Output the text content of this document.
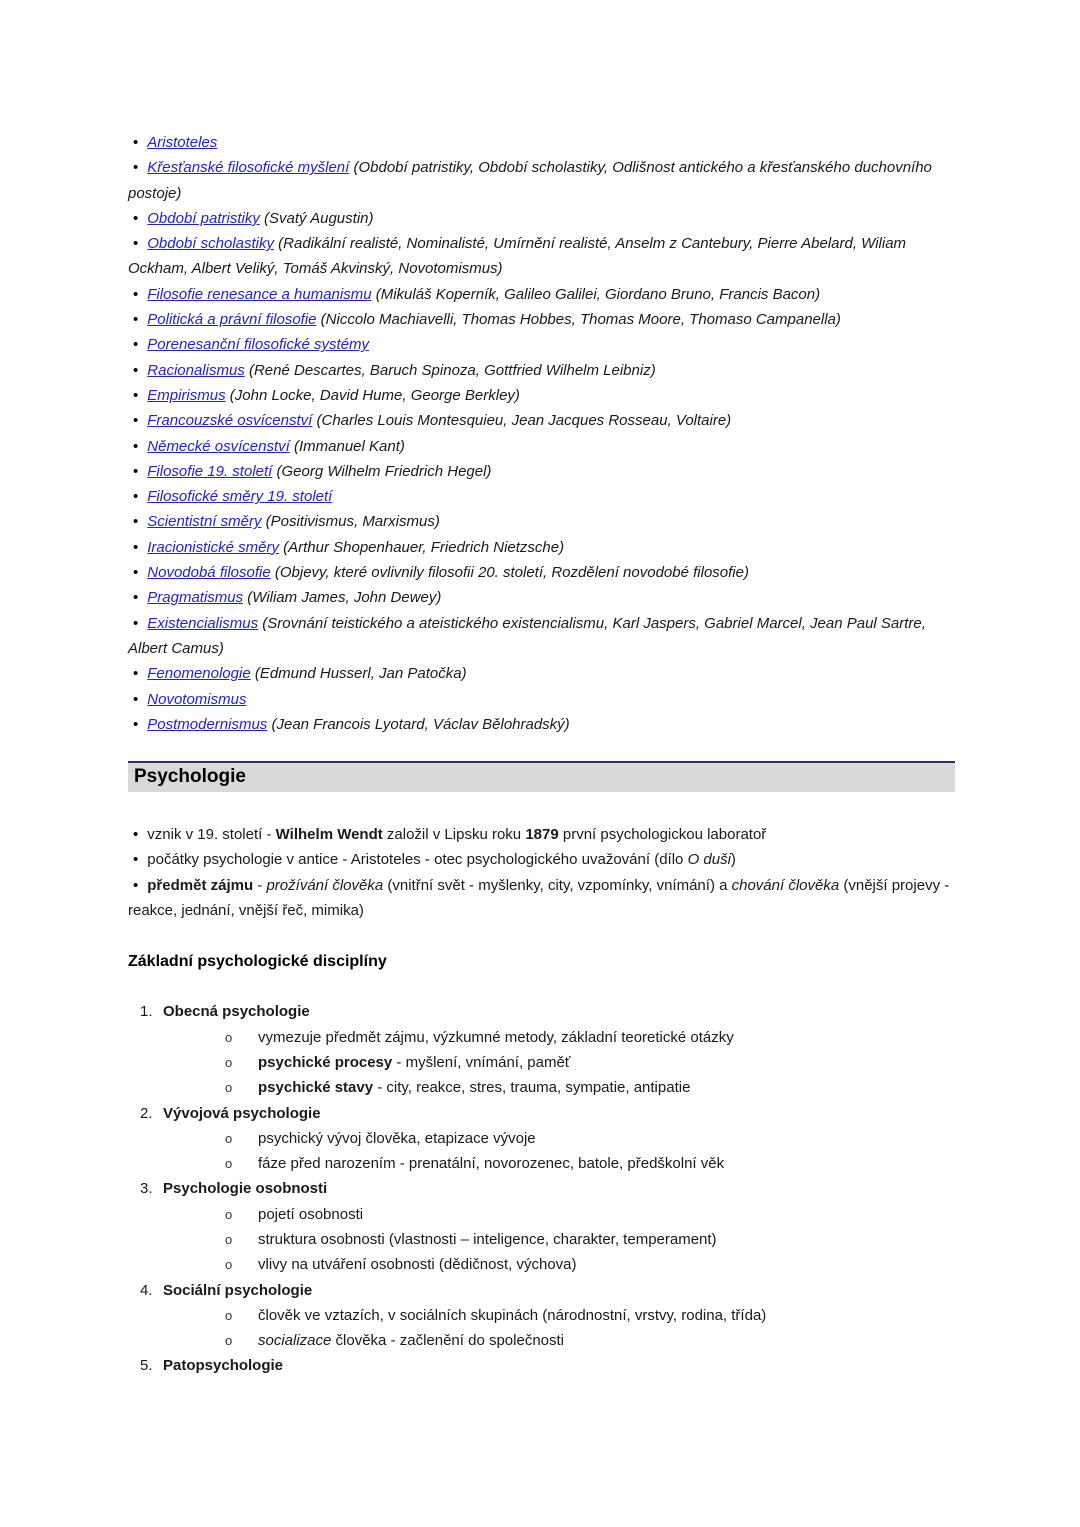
• Aristoteles

• Křesťanské filosofické myšlení (Období patristiky, Období scholastiky, Odlišnost antického a křesťanského duchovního postoje)

• Období patristiky (Svatý Augustin)

• Období scholastiky (Radikální realisté, Nominalisté, Umírnění realisté, Anselm z Cantebury, Pierre Abelard, Wiliam Ockham, Albert Veliký, Tomáš Akvinský, Novotomismus)

• Filosofie renesance a humanismu (Mikuláš Koperník, Galileo Galilei, Giordano Bruno, Francis Bacon)

• Politická a právní filosofie (Niccolo Machiavelli, Thomas Hobbes, Thomas Moore, Thomaso Campanella)

• Porenesanční filosofické systémy

• Racionalismus (René Descartes, Baruch Spinoza, Gottfried Wilhelm Leibniz)

• Empirismus (John Locke, David Hume, George Berkley)

• Francouzské osvícenství (Charles Louis Montesquieu, Jean Jacques Rosseau, Voltaire)

• Německé osvícenství (Immanuel Kant)

• Filosofie 19. století (Georg Wilhelm Friedrich Hegel)

• Filosofické směry 19. století

• Scientistní směry (Positivismus, Marxismus)

• Iracionistické směry (Arthur Shopenhauer, Friedrich Nietzsche)

• Novodobá filosofie (Objevy, které ovlivnily filosofii 20. století, Rozdělení novodobé filosofie)

• Pragmatismus (Wiliam James, John Dewey)

• Existencialismus (Srovnání teistického a ateistického existencialismu, Karl Jaspers, Gabriel Marcel, Jean Paul Sartre, Albert Camus)

• Fenomenologie (Edmund Husserl, Jan Patočka)

• Novotomismus

• Postmodernismus (Jean Francois Lyotard, Václav Bělohradský)

Psychologie

• vznik v 19. století - Wilhelm Wendt založil v Lipsku roku 1879 první psychologickou laboratoř

• počátky psychologie v antice - Aristoteles - otec psychologického uvažování (dílo O duši)

• předmět zájmu - prožívání člověka (vnitřní svět - myšlenky, city, vzpomínky, vnímání) a chování člověka (vnější projevy - reakce, jednání, vnější řeč, mimika)

Základní psychologické disciplíny
1. Obecná psychologie
o vymezuje předmět zájmu, výzkumné metody, základní teoretické otázky
o psychické procesy - myšlení, vnímání, paměť
o psychické stavy - city, reakce, stres, trauma, sympatie, antipatie
2. Vývojová psychologie
o psychický vývoj člověka, etapizace vývoje
o fáze před narozením - prenatální, novorozenec, batole, předškolní věk
3. Psychologie osobnosti
o pojetí osobnosti
o struktura osobnosti (vlastnosti – inteligence, charakter, temperament)
o vlivy na utváření osobnosti (dědičnost, výchova)
4. Sociální psychologie
o člověk ve vztazích, v sociálních skupinách (národnostní, vrstvy, rodina, třída)
o socializace člověka - začlenění do společnosti
5. Patopsychologie
